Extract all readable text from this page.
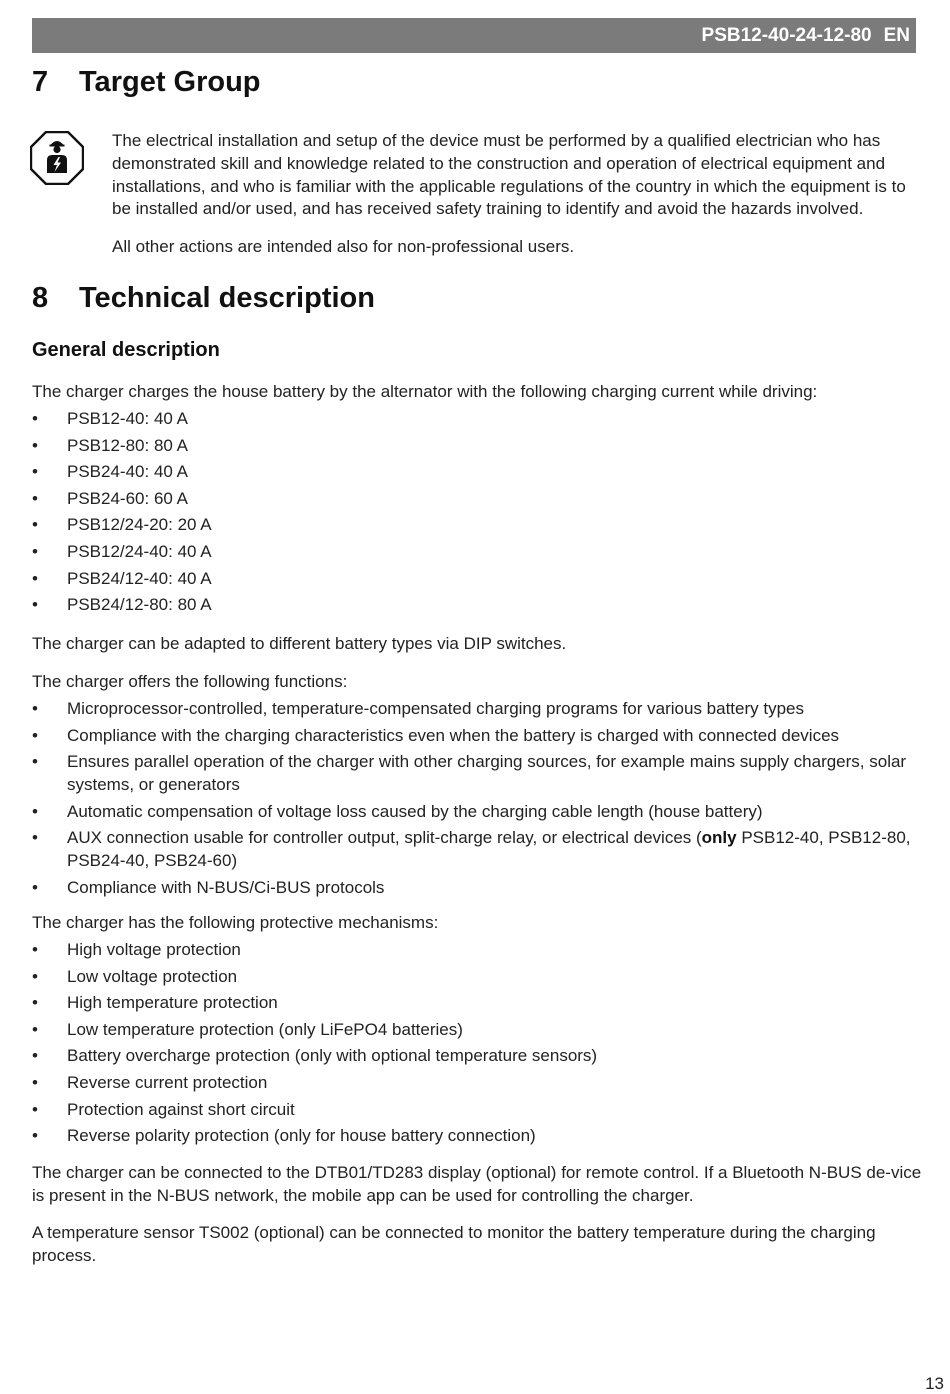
PSB12-40-24-12-80 EN
7 Target Group

The electrical installation and setup of the device must be performed by a qualified electrician who has demonstrated skill and knowledge related to the construction and operation of electrical equipment and installations, and who is familiar with the applicable regulations of the country in which the equipment is to be installed and/or used, and has received safety training to identify and avoid the hazards involved.

All other actions are intended also for non-professional users.

8 Technical description
General description

The charger charges the house battery by the alternator with the following charging current while driving:

• PSB12-40: 40 A
• PSB12-80: 80 A
• PSB24-40: 40 A
• PSB24-60: 60 A
• PSB12/24-20: 20 A
• PSB12/24-40: 40 A
• PSB24/12-40: 40 A
• PSB24/12-80: 80 A

The charger can be adapted to different battery types via DIP switches.

The charger offers the following functions:

• Microprocessor-controlled, temperature-compensated charging programs for various battery types
• Compliance with the charging characteristics even when the battery is charged with connected devices
• Ensures parallel operation of the charger with other charging sources, for example mains supply chargers, solar systems, or generators
• Automatic compensation of voltage loss caused by the charging cable length (house battery)
• AUX connection usable for controller output, split-charge relay, or electrical devices (only PSB12-40, PSB12-80, PSB24-40, PSB24-60)
• Compliance with N-BUS/Ci-BUS protocols

The charger has the following protective mechanisms:

• High voltage protection
• Low voltage protection
• High temperature protection
• Low temperature protection (only LiFePO4 batteries)
• Battery overcharge protection (only with optional temperature sensors)
• Reverse current protection
• Protection against short circuit
• Reverse polarity protection (only for house battery connection)

The charger can be connected to the DTB01/TD283 display (optional) for remote control. If a Bluetooth N-BUS de-vice is present in the N-BUS network, the mobile app can be used for controlling the charger.

A temperature sensor TS002 (optional) can be connected to monitor the battery temperature during the charging process.

13
